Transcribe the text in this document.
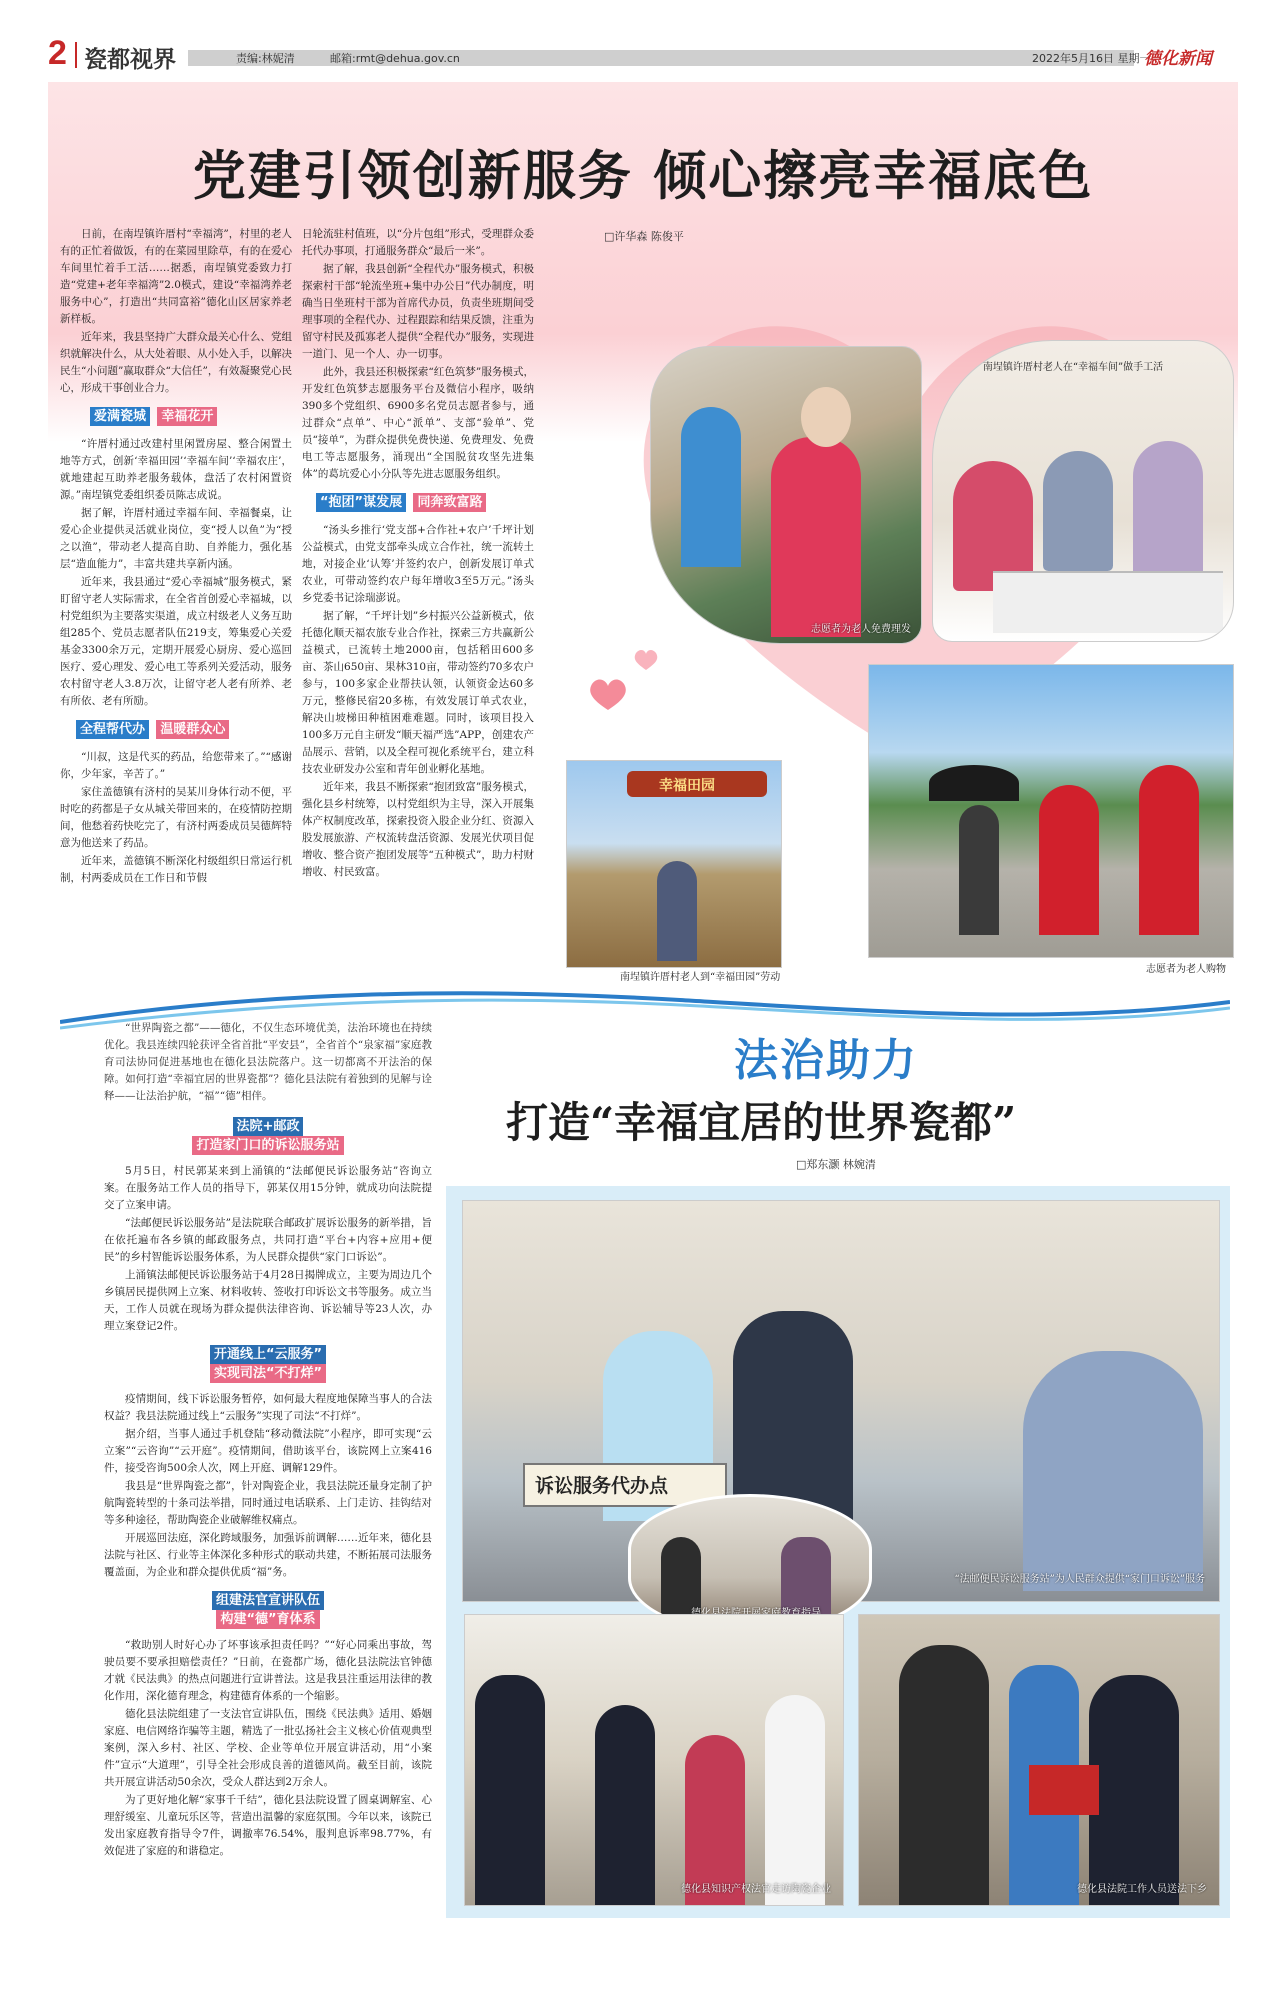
2 瓷都视界	责编:林妮清	邮箱:rmt@dehua.gov.cn	2022年5月16日 星期一
德化新闻
党建引领创新服务 倾心擦亮幸福底色

日前，在南埕镇许厝村“幸福湾”，村里的老人有的正忙着做饭，有的在菜园里除草，有的在爱心车间里忙着手工活……据悉，南埕镇党委致力打造“党建+老年幸福湾”2.0模式，建设“幸福湾养老服务中心”，打造出“共同富裕”德化山区居家养老新样板。

近年来，我县坚持广大群众最关心什么、党组织就解决什么，从大处着眼、从小处入手，以解决民生“小问题”赢取群众“大信任”，有效凝聚党心民心，形成干事创业合力。

爱满瓷城 幸福花开

“许厝村通过改建村里闲置房屋、整合闲置土地等方式，创新‘幸福田园’‘幸福车间’‘幸福农庄’，就地建起互助养老服务载体，盘活了农村闲置资源。”南埕镇党委组织委员陈志成说。

据了解，许厝村通过幸福车间、幸福餐桌，让爱心企业提供灵活就业岗位，变“授人以鱼”为“授之以渔”，带动老人提高自助、自养能力，强化基层“造血能力”，丰富共建共享新内涵。

近年来，我县通过“爱心幸福城”服务模式，紧盯留守老人实际需求，在全省首创爱心幸福城，以村党组织为主要落实渠道，成立村级老人义务互助组285个、党员志愿者队伍219支，筹集爱心关爱基金3300余万元，定期开展爱心厨房、爱心巡回医疗、爱心理发、爱心电工等系列关爱活动，服务农村留守老人3.8万次，让留守老人老有所养、老有所依、老有所励。

全程帮代办 温暖群众心

“川叔，这是代买的药品，给您带来了。”“感谢你，少年家，辛苦了。”

家住盖德镇有济村的吴某川身体行动不便，平时吃的药都是子女从城关带回来的，在疫情防控期间，他愁着药快吃完了，有济村两委成员吴德辉特意为他送来了药品。

近年来，盖德镇不断深化村级组织日常运行机制，村两委成员在工作日和节假

日轮流驻村值班，以“分片包组”形式，受理群众委托代办事项，打通服务群众“最后一米”。

据了解，我县创新“全程代办”服务模式，积极探索村干部“轮流坐班+集中办公日”代办制度，明确当日坐班村干部为首席代办员，负责坐班期间受理事项的全程代办、过程跟踪和结果反馈，注重为留守村民及孤寡老人提供“全程代办”服务，实现进一道门、见一个人、办一切事。

此外，我县还积极探索“红色筑梦”服务模式，开发红色筑梦志愿服务平台及微信小程序，吸纳390多个党组织、6900多名党员志愿者参与，通过群众“点单”、中心“派单”、支部“验单”、党员“接单”，为群众提供免费快递、免费理发、免费电工等志愿服务，涌现出“全国脱贫攻坚先进集体”的葛坑爱心小分队等先进志愿服务组织。

“抱团”谋发展 同奔致富路

“汤头乡推行‘党支部+合作社+农户’千坪计划公益模式，由党支部牵头成立合作社，统一流转土地，对接企业‘认筹’并签约农户，创新发展订单式农业，可带动签约农户每年增收3至5万元。”汤头乡党委书记涂瑞澎说。

据了解，“千坪计划”乡村振兴公益新模式，依托德化顺天福农旅专业合作社，探索三方共赢新公益模式，已流转土地2000亩，包括稻田600多亩、茶山650亩、果林310亩，带动签约70多农户参与，100多家企业帮扶认领，认领资金达60多万元，整修民宿20多栋，有效发展订单式农业，解决山坡梯田种植困难难题。同时，该项目投入100多万元自主研发“顺天福严选”APP，创建农产品展示、营销，以及全程可视化系统平台，建立科技农业研发办公室和青年创业孵化基地。

近年来，我县不断探索“抱团致富”服务模式，强化县乡村统筹，以村党组织为主导，深入开展集体产权制度改革，探索投资入股企业分红、资源入股发展旅游、产权流转盘活资源、发展光伏项目促增收、整合资产抱团发展等“五种模式”，助力村财增收、村民致富。

□许华森 陈俊平
志愿者为老人免费理发
南埕镇许厝村老人在“幸福车间”做手工活
幸福田园
南埕镇许厝村老人到“幸福田园”劳动
志愿者为老人购物
法治助力
打造“幸福宜居的世界瓷都”
□郑东灏 林婉清

“世界陶瓷之都”——德化，不仅生态环境优美，法治环境也在持续优化。我县连续四轮获评全省首批“平安县”，全省首个“泉家福”家庭教育司法协同促进基地也在德化县法院落户。这一切都离不开法治的保障。如何打造“幸福宜居的世界瓷都”？德化县法院有着独到的见解与诠释——让法治护航，“福”“德”相伴。

法院+邮政
打造家门口的诉讼服务站

5月5日，村民郭某来到上涌镇的“法邮便民诉讼服务站”咨询立案。在服务站工作人员的指导下，郭某仅用15分钟，就成功向法院提交了立案申请。

“法邮便民诉讼服务站”是法院联合邮政扩展诉讼服务的新举措，旨在依托遍布各乡镇的邮政服务点，共同打造“平台+内容+应用+便民”的乡村智能诉讼服务体系，为人民群众提供“家门口诉讼”。

上涌镇法邮便民诉讼服务站于4月28日揭牌成立，主要为周边几个乡镇居民提供网上立案、材料收转、签收打印诉讼文书等服务。成立当天，工作人员就在现场为群众提供法律咨询、诉讼辅导等23人次，办理立案登记2件。

开通线上“云服务”
实现司法“不打烊”

疫情期间，线下诉讼服务暂停，如何最大程度地保障当事人的合法权益？我县法院通过线上“云服务”实现了司法“不打烊”。

据介绍，当事人通过手机登陆“移动微法院”小程序，即可实现“云立案”“云咨询”“云开庭”。疫情期间，借助该平台，该院网上立案416件，接受咨询500余人次，网上开庭、调解129件。

我县是“世界陶瓷之都”，针对陶瓷企业，我县法院还量身定制了护航陶瓷转型的十条司法举措，同时通过电话联系、上门走访、挂钩结对等多种途径，帮助陶瓷企业破解维权痛点。

开展巡回法庭，深化跨域服务，加强诉前调解……近年来，德化县法院与社区、行业等主体深化多种形式的联动共建，不断拓展司法服务覆盖面，为企业和群众提供优质“福”务。

组建法官宣讲队伍
构建“德”育体系

“救助别人时好心办了坏事该承担责任吗？”“好心同乘出事故，驾驶员要不要承担赔偿责任？”日前，在瓷都广场，德化县法院法官钟德才就《民法典》的热点问题进行宣讲普法。这是我县注重运用法律的教化作用，深化德育理念，构建德育体系的一个缩影。

德化县法院组建了一支法官宣讲队伍，围绕《民法典》适用、婚姻家庭、电信网络诈骗等主题，精选了一批弘扬社会主义核心价值观典型案例，深入乡村、社区、学校、企业等单位开展宣讲活动，用“小案件”宣示“大道理”，引导全社会形成良善的道德风尚。截至目前，该院共开展宣讲活动50余次，受众人群达到2万余人。

为了更好地化解“家事千千结”，德化县法院设置了圆桌调解室、心理舒缓室、儿童玩乐区等，营造出温馨的家庭氛围。今年以来，该院已发出家庭教育指导令7件，调撤率76.54%，服判息诉率98.77%，有效促进了家庭的和谐稳定。

诉讼服务代办点
“法邮便民诉讼服务站”为人民群众提供“家门口诉讼”服务
德化县知识产权法官走访陶瓷企业	德化县法院工作人员送法下乡
